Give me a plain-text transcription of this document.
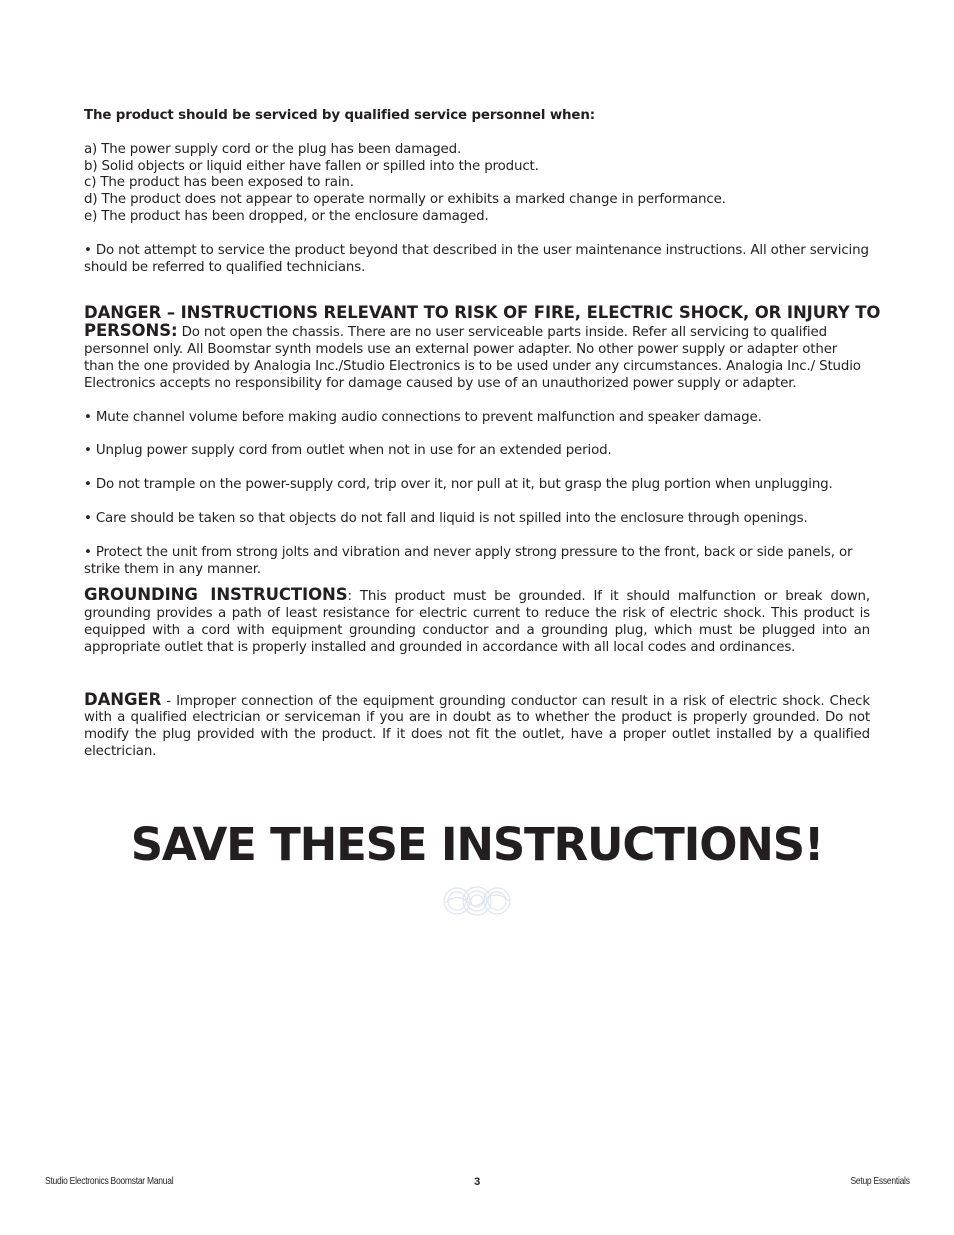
The product should be serviced by qualified service personnel when:

a) The power supply cord or the plug has been damaged.

b) Solid objects or liquid either have fallen or spilled into the product.

c) The product has been exposed to rain.

d) The product does not appear to operate normally or exhibits a marked change in performance.

e) The product has been dropped, or the enclosure damaged.

• Do not attempt to service the product beyond that described in the user maintenance instructions. All other servicing should be referred to qualified technicians.

DANGER – INSTRUCTIONS RELEVANT TO RISK OF FIRE, ELECTRIC SHOCK, OR INJURY TO

PERSONS: Do not open the chassis. There are no user serviceable parts inside. Refer all servicing to qualified personnel only. All Boomstar synth models use an external power adapter. No other power supply or adapter other than the one provided by Analogia Inc./Studio Electronics is to be used under any circumstances. Analogia Inc./ Studio Electronics accepts no responsibility for damage caused by use of an unauthorized power supply or adapter.

• Mute channel volume before making audio connections to prevent malfunction and speaker damage.

• Unplug power supply cord from outlet when not in use for an extended period.

• Do not trample on the power-supply cord, trip over it, nor pull at it, but grasp the plug portion when unplugging.

• Care should be taken so that objects do not fall and liquid is not spilled into the enclosure through openings.

• Protect the unit from strong jolts and vibration and never apply strong pressure to the front, back or side panels, or strike them in any manner.

GROUNDING INSTRUCTIONS: This product must be grounded. If it should malfunction or break down, grounding provides a path of least resistance for electric current to reduce the risk of electric shock. This product is equipped with a cord with equipment grounding conductor and a grounding plug, which must be plugged into an appropriate outlet that is properly installed and grounded in accordance with all local codes and ordinances.

DANGER - Improper connection of the equipment grounding conductor can result in a risk of electric shock. Check with a qualified electrician or serviceman if you are in doubt as to whether the product is properly grounded. Do not modify the plug provided with the product. If it does not fit the outlet, have a proper outlet installed by a qualified electrician.

SAVE THESE INSTRUCTIONS!
Studio Electronics Boomstar Manual	3	Setup Essentials
